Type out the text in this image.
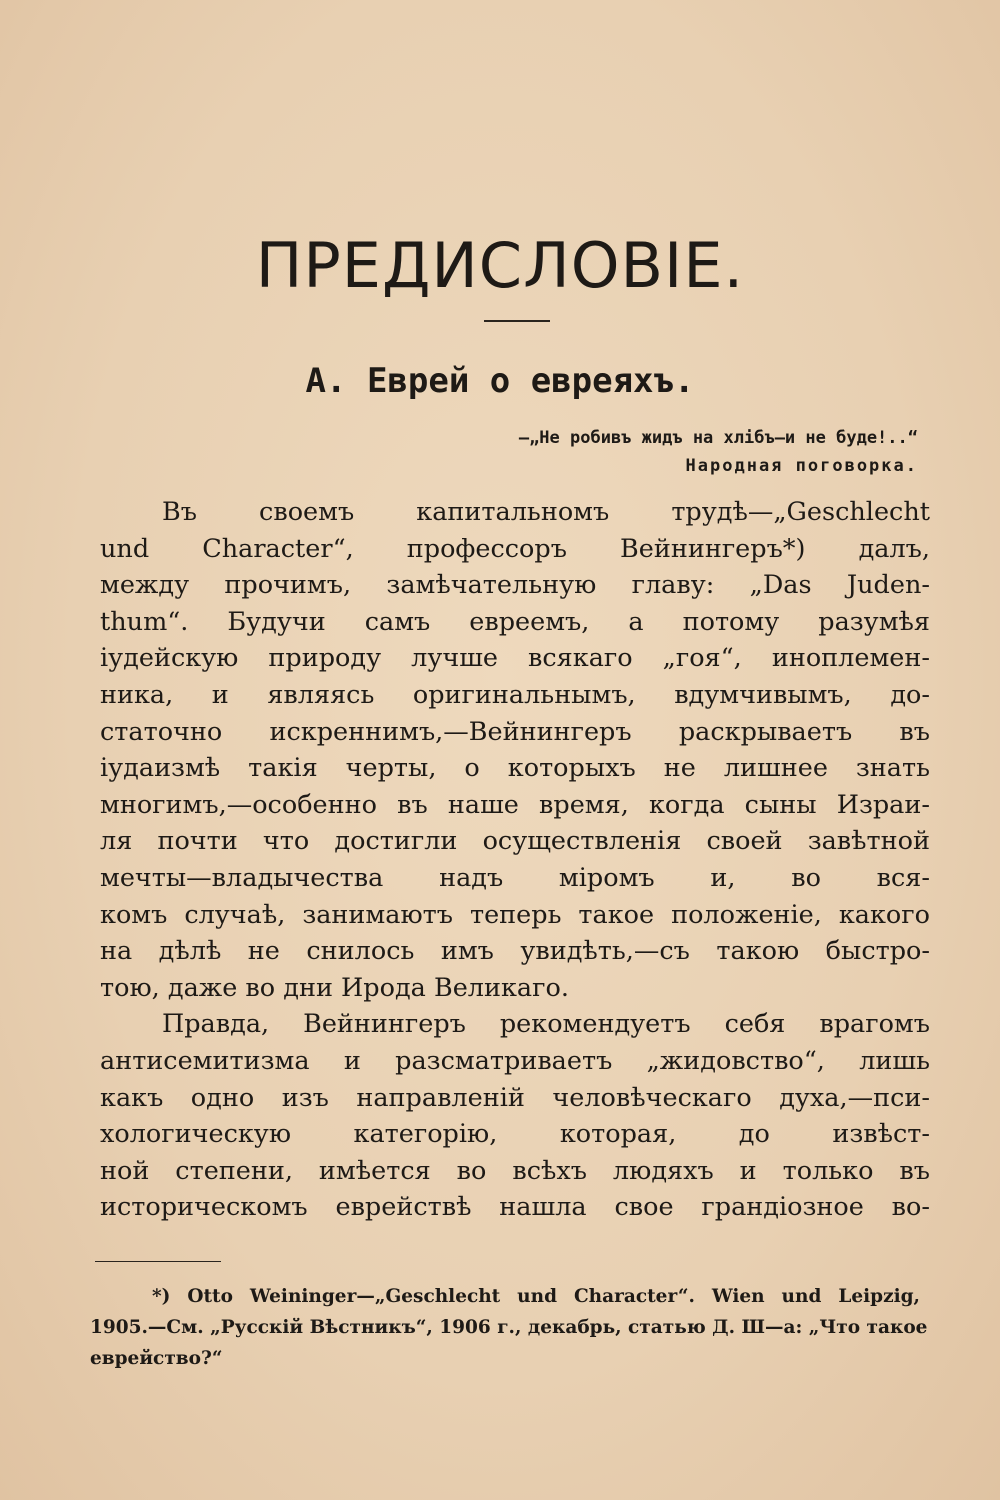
ПРЕДИСЛОВІЕ.
А. Еврей о евреяхъ.
—„Не робивъ жидъ на хлібъ—и не буде!..“
Народная поговорка.
Въ своемъ капитальномъ трудѣ—„Geschlecht
und Character“, профессоръ Вейнингеръ*) далъ,
между прочимъ, замѣчательную главу: „Das Juden-
thum“. Будучи самъ евреемъ, а потому разумѣя
іудейскую природу лучше всякаго „гоя“, иноплемен-
ника, и являясь оригинальнымъ, вдумчивымъ, до-
статочно искреннимъ,—Вейнингеръ раскрываетъ въ
іудаизмѣ такія черты, о которыхъ не лишнее знать
многимъ,—особенно въ наше время, когда сыны Израи-
ля почти что достигли осуществленія своей завѣтной
мечты—владычества надъ міромъ и, во вся-
комъ случаѣ, занимаютъ теперь такое положеніе, какого
на дѣлѣ не снилось имъ увидѣть,—съ такою быстро-
тою, даже во дни Ирода Великаго.
Правда, Вейнингеръ рекомендуетъ себя врагомъ
антисемитизма и разсматриваетъ „жидовство“, лишь
какъ одно изъ направленій человѣческаго духа,—пси-
хологическую категорію, которая, до извѣст-
ной степени, имѣется во всѣхъ людяхъ и только въ
историческомъ еврействѣ нашла свое грандіозное во-
*) Otto Weininger—„Geschlecht und Character“. Wien und Leipzig,
1905.—См. „Русскій Вѣстникъ“, 1906 г., декабрь, статью Д. Ш—а: „Что такое
еврейство?“
